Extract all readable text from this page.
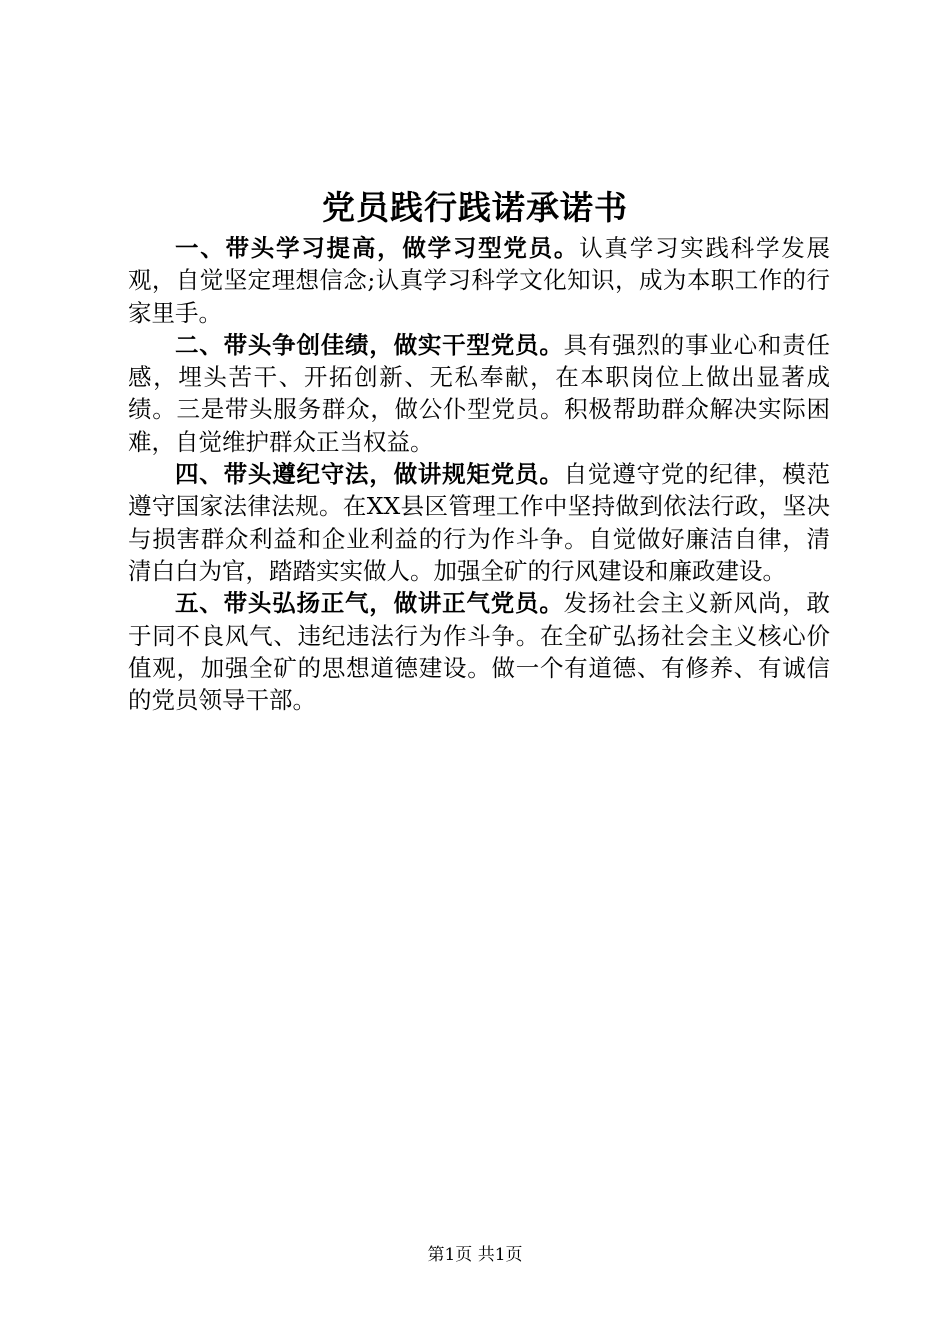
党员践行践诺承诺书

一、带头学习提高，做学习型党员。认真学习实践科学发展观，自觉坚定理想信念;认真学习科学文化知识，成为本职工作的行家里手。

二、带头争创佳绩，做实干型党员。具有强烈的事业心和责任感，埋头苦干、开拓创新、无私奉献，在本职岗位上做出显著成绩。三是带头服务群众，做公仆型党员。积极帮助群众解决实际困难，自觉维护群众正当权益。

四、带头遵纪守法，做讲规矩党员。自觉遵守党的纪律，模范遵守国家法律法规。在XX县区管理工作中坚持做到依法行政，坚决与损害群众利益和企业利益的行为作斗争。自觉做好廉洁自律，清清白白为官，踏踏实实做人。加强全矿的行风建设和廉政建设。

五、带头弘扬正气，做讲正气党员。发扬社会主义新风尚，敢于同不良风气、违纪违法行为作斗争。在全矿弘扬社会主义核心价值观，加强全矿的思想道德建设。做一个有道德、有修养、有诚信的党员领导干部。

第1页 共1页
